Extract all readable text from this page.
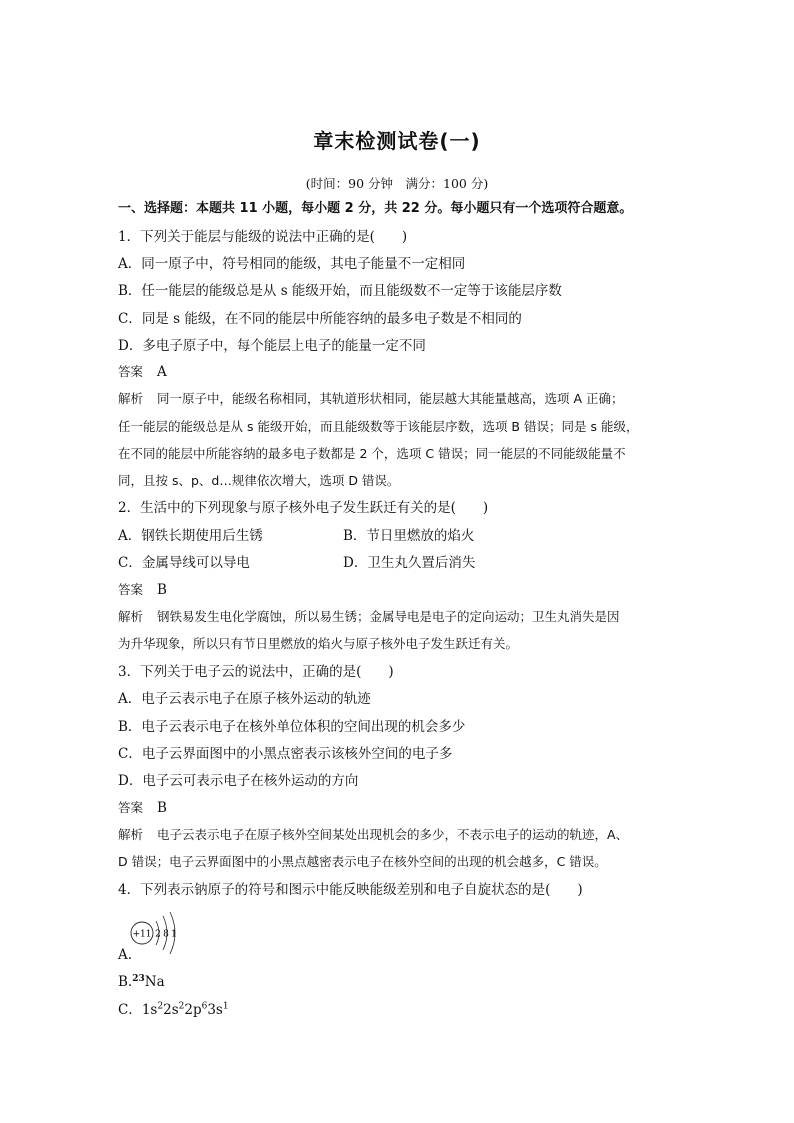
章末检测试卷(一)
(时间：90 分钟　满分：100 分)
一、选择题：本题共 11 小题，每小题 2 分，共 22 分。每小题只有一个选项符合题意。
1．下列关于能层与能级的说法中正确的是(　　)
A．同一原子中，符号相同的能级，其电子能量不一定相同
B．任一能层的能级总是从 s 能级开始，而且能级数不一定等于该能层序数
C．同是 s 能级，在不同的能层中所能容纳的最多电子数是不相同的
D．多电子原子中，每个能层上电子的能量一定不同
答案 A
解析 同一原子中，能级名称相同，其轨道形状相同，能层越大其能量越高，选项 A 正确；
任一能层的能级总是从 s 能级开始，而且能级数等于该能层序数，选项 B 错误；同是 s 能级，
在不同的能层中所能容纳的最多电子数都是 2 个，选项 C 错误；同一能层的不同能级能量不
同，且按 s、p、d…规律依次增大，选项 D 错误。
2．生活中的下列现象与原子核外电子发生跃迁有关的是(　　)
A．钢铁长期使用后生锈	B．节日里燃放的焰火
C．金属导线可以导电	D．卫生丸久置后消失
答案 B
解析 钢铁易发生电化学腐蚀，所以易生锈；金属导电是电子的定向运动；卫生丸消失是因
为升华现象，所以只有节日里燃放的焰火与原子核外电子发生跃迁有关。
3．下列关于电子云的说法中，正确的是(　　)
A．电子云表示电子在原子核外运动的轨迹
B．电子云表示电子在核外单位体积的空间出现的机会多少
C．电子云界面图中的小黑点密表示该核外空间的电子多
D．电子云可表示电子在核外运动的方向
答案 B
解析 电子云表示电子在原子核外空间某处出现机会的多少，不表示电子的运动的轨迹，A、
D 错误；电子云界面图中的小黑点越密表示电子在核外空间的出现的机会越多，C 错误。
4．下列表示钠原子的符号和图示中能反映能级差别和电子自旋状态的是(　　)
+11 2 8 1
A.
B.$^{23}$Na
C．$1s^22s^22p^63s^1$
